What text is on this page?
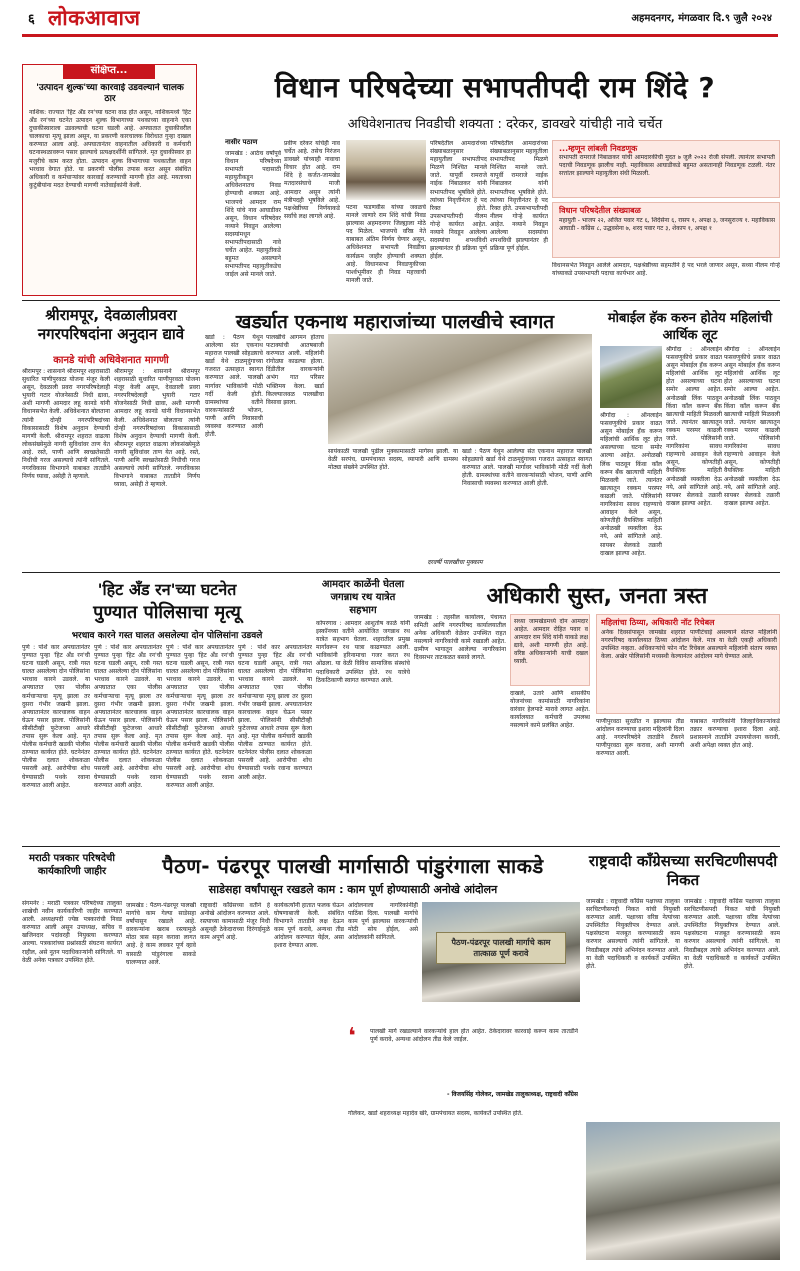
६ लोकआवाज	अहमदनगर, मंगळवार दि.९ जुलै २०२४
संक्षिप्त...
'उत्पादन शुल्क'च्या कारवाई उडवल्याने चालक ठार
नाशिक: राज्यात 'हिट ॲंड रन'च्या घटना वाढ होत असून, नाशिकमध्ये 'हिट ॲंड रन'च्या घटनेत उत्पादन शुल्क विभागाच्या पथकाच्या वाहनाने एका दुचाकीस्वाराला उडवल्याची घटना घडली आहे. अपघातात दुचाकीवरील चालकाचा मृत्यू झाला असून, या प्रकरणी कारचालक विरोधात गुन्हा दाखल करण्यात आला आहे. अपघातानंतर वाहनातील अधिकारी व कर्मचारी घटनास्थळावरून पसार झाल्याचे प्रत्यक्षदर्शींनी सांगितले. मृत दुचाकीस्वार हा मजुरीचे काम करत होता. उत्पादन शुल्क विभागाच्या पथकातील वाहन भरधाव वेगात होते. या प्रकरणी पोलीस तपास करत असून संबंधित अधिकारी व कर्मचाऱ्यांवर कारवाई करण्याची मागणी होत आहे. मयताच्या कुटुंबीयांना मदत देण्याची मागणी नातेवाईकांनी केली.
विधान परिषदेच्या सभापतीपदी राम शिंदे ?
अधिवेशनातच निवडीची शक्यता : दरेकर, डावखरे यांचीही नावे चर्चेत
नासीर पठाण
जामखेड : आठेच वर्षांपूर्व विधान परिषदेच्या सभापती पदासाठी महायुतीकडून अधिवेशनातच निवड होण्याची शक्यता आहे. भाजपचे आमदार राम शिंदे यांचे नाव आघाडीवर असून, विधान परिषदेवर नव्याने निवडून आलेल्या सदस्यांमधून सभापतीपदासाठी नावे चर्चेत आहेत. महायुतीकडे बहुमत असल्याने सभापतीपद महायुतीकडेच जाईल असे मानले जाते.
प्रवीण दरेकर यांचेही नाव चर्चेत आहे. तसेच निरंजन डावखरे यांच्याही नावाचा विचार होत आहे. राम शिंदे हे कर्जत-जामखेड मतदारसंघाचे माजी आमदार असून त्यांनी मंत्रीपदही भूषविले आहे. पक्षश्रेष्ठींच्या निर्णयाकडे सर्वांचे लक्ष लागले आहे.
पटना फडणवीस यांच्या जवळचे मानले जाणारे राम शिंदे यांची निवड झाल्यास अहमदनगर जिल्ह्याला मोठे पद मिळेल. भाजपचे वरिष्ठ नेते याबाबत अंतिम निर्णय घेणार असून, अधिवेशनात सभापती निवडीचा कार्यक्रम जाहीर होण्याची शक्यता आहे. विधानसभा निवडणुकीच्या पार्श्वभूमीवर ही निवड महत्त्वाची मानली जाते.
परिषदेतील आमदारांच्या संख्याबळानुसार महायुतीला सभापतीपद मिळणे निश्चित मानले जाते. यापूर्वी रामराजे नाईक निंबाळकर यांनी सभापतीपद भूषविले होते. त्यांच्या निवृत्तीनंतर हे पद रिक्त होते. उपसभापतीपदी नीलम गोऱ्हे कार्यरत आहेत. नव्याने निवडून आलेल्या सदस्यांचा शपथविधी झाल्यानंतर ही प्रक्रिया पूर्ण होईल.
परिषदेतील आमदारांच्या संख्याबळानुसार महायुतीला सभापतीपद मिळणे निश्चित मानले जाते. यापूर्वी रामराजे नाईक निंबाळकर यांनी सभापतीपद भूषविले होते. त्यांच्या निवृत्तीनंतर हे पद रिक्त होते. उपसभापतीपदी नीलम गोऱ्हे कार्यरत आहेत. नव्याने निवडून आलेल्या सदस्यांचा शपथविधी झाल्यानंतर ही प्रक्रिया पूर्ण होईल.
...म्हणून लांबली निवडणूक
सभापती रामराजे निंबाळकर यांची आमदारकीची मुदत ७ जुलै २०२२ रोजी संपली. त्यानंतर सभापती पदाची निवडणूक झालीच नाही. महाविकास आघाडीकडे बहुमत असतानाही निवडणूक टळली. नंतर सत्तांतर झाल्याने महायुतीला संधी मिळाली.
विधान परिषदेतील संख्याबळ
महायुती - भाजप २२, अजित पवार गट ६, शिंदेसेना ६, रासप १, अपक्ष ३, जनसुराज्य १. महाविकास आघाडी - काँग्रेस ८, उद्धवसेना ७, शरद पवार गट ३, शेकाप १, अपक्ष १
विधानसभेत निवडून आलेले आमदार, पक्षश्रेष्ठींच्या सहमतीने हे पद भरले जाणार असून, सध्या नीलम गोऱ्हे यांच्याकडे उपसभापती पदाचा कार्यभार आहे.
श्रीरामपूर, देवळालीप्रवरा नगरपरिषदांना अनुदान द्यावे
कानडे यांची अधिवेशनात मागणी
श्रीरामपूर : शासनाने श्रीरामपूर शहरासाठी सुधारित पाणीपुरवठा योजना मंजूर केली असून, देवळाली प्रवरा नगरपरिषदेलाही भुयारी गटार योजनेसाठी निधी द्यावा, अशी मागणी आमदार लहू कानडे यांनी विधानसभेत केली. अधिवेशनात बोलताना त्यांनी दोन्ही नगरपरिषदांच्या विकासासाठी विशेष अनुदान देण्याची मागणी केली. श्रीरामपूर शहरात वाढत्या लोकसंख्येमुळे नागरी सुविधांवर ताण येत आहे. रस्ते, पाणी आणि स्वच्छतेसाठी निधीची गरज असल्याचे त्यांनी सांगितले. नगरविकास विभागाने याबाबत तातडीने निर्णय घ्यावा, असेही ते म्हणाले.
श्रीरामपूर : शासनाने श्रीरामपूर शहरासाठी सुधारित पाणीपुरवठा योजना मंजूर केली असून, देवळाली प्रवरा नगरपरिषदेलाही भुयारी गटार योजनेसाठी निधी द्यावा, अशी मागणी आमदार लहू कानडे यांनी विधानसभेत केली. अधिवेशनात बोलताना त्यांनी दोन्ही नगरपरिषदांच्या विकासासाठी विशेष अनुदान देण्याची मागणी केली. श्रीरामपूर शहरात वाढत्या लोकसंख्येमुळे नागरी सुविधांवर ताण येत आहे. रस्ते, पाणी आणि स्वच्छतेसाठी निधीची गरज असल्याचे त्यांनी सांगितले. नगरविकास विभागाने याबाबत तातडीने निर्णय घ्यावा, असेही ते म्हणाले.
खर्ड्यात एकनाथ महाराजांच्या पालखीचे स्वागत
खर्डा : पैठण येथून आलेल्या संत एकनाथ महाराज पालखी सोहळ्याचे खर्डा येथे टाळमृदुंगाच्या गजरात उत्साहात स्वागत करण्यात आले. पालखी मार्गावर भाविकांनी मोठी गर्दी केली होती. ग्रामस्थांच्या वतीने वारकऱ्यांसाठी भोजन, पाणी आणि निवासाची व्यवस्था करण्यात आली होती.
पालखीचे आगमन होताच फटाक्यांची आतषबाजी करण्यात आली. महिलांनी रांगोळ्या काढल्या होत्या. दिंडीतील वारकऱ्यांनी अभंग गात परिसर भक्तिमय केला. खर्डा किल्ल्याजवळ पालखीचा विसावा झाला.
सायंकाळी पालखी पुढील मुक्कामासाठी मार्गस्थ झाली. या वेळी सरपंच, ग्रामपंचायत सदस्य, व्यापारी आणि ग्रामस्थ मोठ्या संख्येने उपस्थित होते.
खर्डा : पैठण येथून आलेल्या संत एकनाथ महाराज पालखी सोहळ्याचे खर्डा येथे टाळमृदुंगाच्या गजरात उत्साहात स्वागत करण्यात आले. पालखी मार्गावर भाविकांनी मोठी गर्दी केली होती. ग्रामस्थांच्या वतीने वारकऱ्यांसाठी भोजन, पाणी आणि निवासाची व्यवस्था करण्यात आली होती.
दरवर्षी पालखीचा मुक्काम
मोबाईल हॅक करुन होतेय महिलांची आर्थिक लूट
श्रीगोंदा : ऑनलाईन फसवणुकीचे प्रकार वाढत असून मोबाईल हॅक करून महिलांची आर्थिक लूट होत असल्याच्या घटना समोर आल्या आहेत. अनोळखी लिंक पाठवून किंवा कॉल करून बँक खात्याची माहिती मिळवली जाते. त्यानंतर खात्यातून रक्कम परस्पर काढली जाते. पोलिसांनी नागरिकांना सावध राहण्याचे आवाहन केले असून, कोणतीही वैयक्तिक माहिती अनोळखी व्यक्तीला देऊ नये, असे सांगितले आहे. सायबर सेलकडे तक्रारी दाखल झाल्या आहेत.
श्रीगोंदा : ऑनलाईन फसवणुकीचे प्रकार वाढत असून मोबाईल हॅक करून महिलांची आर्थिक लूट होत असल्याच्या घटना समोर आल्या आहेत. अनोळखी लिंक पाठवून किंवा कॉल करून बँक खात्याची माहिती मिळवली जाते. त्यानंतर खात्यातून रक्कम परस्पर काढली जाते. पोलिसांनी नागरिकांना सावध राहण्याचे आवाहन केले असून, कोणतीही वैयक्तिक माहिती अनोळखी व्यक्तीला देऊ नये, असे सांगितले आहे. सायबर सेलकडे तक्रारी दाखल झाल्या आहेत.
श्रीगोंदा : ऑनलाईन फसवणुकीचे प्रकार वाढत असून मोबाईल हॅक करून महिलांची आर्थिक लूट होत असल्याच्या घटना समोर आल्या आहेत. अनोळखी लिंक पाठवून किंवा कॉल करून बँक खात्याची माहिती मिळवली जाते. त्यानंतर खात्यातून रक्कम परस्पर काढली जाते. पोलिसांनी नागरिकांना सावध राहण्याचे आवाहन केले असून, कोणतीही वैयक्तिक माहिती अनोळखी व्यक्तीला देऊ नये, असे सांगितले आहे. सायबर सेलकडे तक्रारी दाखल झाल्या आहेत.
'हिट ॲंड रन'च्या घटनेत
पुण्यात पोलिसाचा मृत्यू
भरधाव कारने गस्त घालत असलेल्या दोन पोलिसांना उडवले
पुणे : पोर्शे कार अपघातानंतर पुण्यात पुन्हा 'हिट ॲंड रन'ची घटना घडली असून, रात्री गस्त घालत असलेल्या दोन पोलिसांना भरधाव कारने उडवले. या अपघातात एका पोलीस कर्मचाऱ्याचा मृत्यू झाला तर दुसरा गंभीर जखमी झाला. अपघातानंतर कारचालक वाहन घेऊन पसार झाला. पोलिसांनी सीसीटीव्ही फुटेजच्या आधारे तपास सुरू केला आहे. मृत पोलीस कर्मचारी खडकी पोलीस ठाण्यात कार्यरत होते. घटनेनंतर पोलीस दलात शोककळा पसरली आहे. आरोपीचा शोध घेण्यासाठी पथके रवाना करण्यात आली आहेत.
पुणे : पोर्शे कार अपघातानंतर पुण्यात पुन्हा 'हिट ॲंड रन'ची घटना घडली असून, रात्री गस्त घालत असलेल्या दोन पोलिसांना भरधाव कारने उडवले. या अपघातात एका पोलीस कर्मचाऱ्याचा मृत्यू झाला तर दुसरा गंभीर जखमी झाला. अपघातानंतर कारचालक वाहन घेऊन पसार झाला. पोलिसांनी सीसीटीव्ही फुटेजच्या आधारे तपास सुरू केला आहे. मृत पोलीस कर्मचारी खडकी पोलीस ठाण्यात कार्यरत होते. घटनेनंतर पोलीस दलात शोककळा पसरली आहे. आरोपीचा शोध घेण्यासाठी पथके रवाना करण्यात आली आहेत.
पुणे : पोर्शे कार अपघातानंतर पुण्यात पुन्हा 'हिट ॲंड रन'ची घटना घडली असून, रात्री गस्त घालत असलेल्या दोन पोलिसांना भरधाव कारने उडवले. या अपघातात एका पोलीस कर्मचाऱ्याचा मृत्यू झाला तर दुसरा गंभीर जखमी झाला. अपघातानंतर कारचालक वाहन घेऊन पसार झाला. पोलिसांनी सीसीटीव्ही फुटेजच्या आधारे तपास सुरू केला आहे. मृत पोलीस कर्मचारी खडकी पोलीस ठाण्यात कार्यरत होते. घटनेनंतर पोलीस दलात शोककळा पसरली आहे. आरोपीचा शोध घेण्यासाठी पथके रवाना करण्यात आली आहेत.
पुणे : पोर्शे कार अपघातानंतर पुण्यात पुन्हा 'हिट ॲंड रन'ची घटना घडली असून, रात्री गस्त घालत असलेल्या दोन पोलिसांना भरधाव कारने उडवले. या अपघातात एका पोलीस कर्मचाऱ्याचा मृत्यू झाला तर दुसरा गंभीर जखमी झाला. अपघातानंतर कारचालक वाहन घेऊन पसार झाला. पोलिसांनी सीसीटीव्ही फुटेजच्या आधारे तपास सुरू केला आहे. मृत पोलीस कर्मचारी खडकी पोलीस ठाण्यात कार्यरत होते. घटनेनंतर पोलीस दलात शोककळा पसरली आहे. आरोपीचा शोध घेण्यासाठी पथके रवाना करण्यात आली आहेत.
आमदार काळेंनी घेतला जगन्नाथ रथ यात्रेत सहभाग
कोपरगाव : आमदार आशुतोष काळे यांनी इस्कॉनच्या वतीने आयोजित जगन्नाथ रथ यात्रेत सहभाग घेतला. शहरातील प्रमुख मार्गांवरून रथ यात्रा काढण्यात आली. भाविकांनी हरिनामाचा गजर करत रथ ओढला. या वेळी विविध सामाजिक संस्थांचे पदाधिकारी उपस्थित होते. रथ यात्रेचे ठिकठिकाणी स्वागत करण्यात आले.
अधिकारी सुस्त, जनता त्रस्त
जामखेड : तहसील कार्यालय, पंचायत समिती आणि नगरपरिषद कार्यालयातील अनेक अधिकारी वेळेवर उपस्थित राहत नसल्याने नागरिकांची कामे रखडली आहेत. ग्रामीण भागातून आलेल्या नागरिकांना दिवसभर ताटकळत बसावे लागते.
सध्या जामखेडमध्ये दोन आमदार आहेत. आमदार रोहित पवार व आमदार राम शिंदे यांनी याकडे लक्ष द्यावे, अशी मागणी होत आहे. वरिष्ठ अधिकाऱ्यांनी याची दखल घ्यावी.
दाखले, उतारे आणि शासकीय योजनांच्या कामांसाठी नागरिकांना वारंवार हेलपाटे मारावे लागत आहेत. कार्यालयात कर्मचारी उपलब्ध नसल्याने कामे प्रलंबित आहेत.
महिलांचा ठिय्या, अधिकारी नॉट रिचेबल
अनेक दिवसांपासून जामखेड शहरात पाणीटंचाई असल्याने संतप्त महिलांनी नगरपरिषद कार्यालयात ठिय्या आंदोलन केले. मात्र या वेळी एकही अधिकारी उपस्थित नव्हता. अधिकाऱ्यांचे फोन नॉट रिचेबल असल्याने महिलांनी संताप व्यक्त केला. अखेर पोलिसांनी मध्यस्थी केल्यानंतर आंदोलन मागे घेण्यात आले.
पाणीपुरवठा सुरळीत न झाल्यास तीव्र आंदोलन करण्याचा इशारा महिलांनी दिला आहे. नगरपरिषदेने तातडीने टँकरने पाणीपुरवठा सुरू करावा, अशी मागणी करण्यात आली.
याबाबत नागरिकांनी जिल्हाधिकाऱ्यांकडे तक्रार करण्याचा इशारा दिला आहे. प्रशासनाने तातडीने उपाययोजना करावी, अशी अपेक्षा व्यक्त होत आहे.
मराठी पत्रकार परिषदेची कार्यकारिणी जाहीर
संगमनेर : मराठी पत्रकार परिषदेच्या तालुका शाखेची नवीन कार्यकारिणी जाहीर करण्यात आली. अध्यक्षपदी ज्येष्ठ पत्रकारांची निवड करण्यात आली असून उपाध्यक्ष, सचिव व खजिनदार पदांवरही नियुक्त्या करण्यात आल्या. पत्रकारांच्या प्रश्नांसाठी संघटना कार्यरत राहील, असे नूतन पदाधिकाऱ्यांनी सांगितले. या वेळी अनेक पत्रकार उपस्थित होते.
पैठण- पंढरपूर पालखी मार्गासाठी पांडुरंगाला साकडे
साडेसहा वर्षांपासून रखडले काम : काम पूर्ण होण्यासाठी अनोखे आंदोलन
जामखेड : पैठण-पंढरपूर पालखी मार्गाचे काम गेल्या साडेसहा वर्षांपासून रखडले आहे. वारकऱ्यांना खराब रस्त्यामुळे मोठा त्रास सहन करावा लागत आहे. हे काम लवकर पूर्ण व्हावे यासाठी पांडुरंगाला साकडे घालण्यात आले.
राष्ट्रवादी काँग्रेसच्या वतीने हे अनोखे आंदोलन करण्यात आले. रस्त्याच्या कामासाठी मंजूर निधी असूनही ठेकेदाराच्या दिरंगाईमुळे काम अपूर्ण आहे.
कार्यकर्त्यांनी हातात फलक घेऊन घोषणाबाजी केली. संबंधित विभागाने तातडीने लक्ष देऊन काम पूर्ण करावे, अन्यथा तीव्र आंदोलन करण्यात येईल, असा इशारा देण्यात आला.
आंदोलनाला नागरिकांनीही पाठिंबा दिला. पालखी मार्गाचे काम पूर्ण झाल्यास वारकऱ्यांची मोठी सोय होईल, असे आंदोलकांनी सांगितले.
पैठण-पंढरपूर पालखी मार्गाचे काम तात्काळ पूर्ण करावे
❛ पालखी मार्ग रखडल्याने वारकऱ्यांचे हाल होत आहेत. ठेकेदारावर कारवाई करून काम तातडीने पूर्ण करावे, अन्यथा आंदोलन तीव्र केले जाईल.
- विजयसिंह गोलेकर, जामखेड तालुकाध्यक्ष, राष्ट्रवादी काँग्रेस
गोलेकर, खर्डा शहराध्यक्ष महादेव खेरे, ग्रामपंचायत सदस्य, कार्यकर्ते उपस्थित होते.
राष्ट्रवादी काँग्रेसच्या सरचिटणीसपदी निकत
जामखेड : राष्ट्रवादी काँग्रेस पक्षाच्या तालुका सरचिटणीसपदी निकत यांची नियुक्ती करण्यात आली. पक्षाच्या वरिष्ठ नेत्यांच्या उपस्थितीत नियुक्तीपत्र देण्यात आले. पक्षसंघटना मजबूत करण्यासाठी काम करणार असल्याचे त्यांनी सांगितले. या निवडीबद्दल त्यांचे अभिनंदन करण्यात आले. या वेळी पदाधिकारी व कार्यकर्ते उपस्थित होते.
जामखेड : राष्ट्रवादी काँग्रेस पक्षाच्या तालुका सरचिटणीसपदी निकत यांची नियुक्ती करण्यात आली. पक्षाच्या वरिष्ठ नेत्यांच्या उपस्थितीत नियुक्तीपत्र देण्यात आले. पक्षसंघटना मजबूत करण्यासाठी काम करणार असल्याचे त्यांनी सांगितले. या निवडीबद्दल त्यांचे अभिनंदन करण्यात आले. या वेळी पदाधिकारी व कार्यकर्ते उपस्थित होते.
